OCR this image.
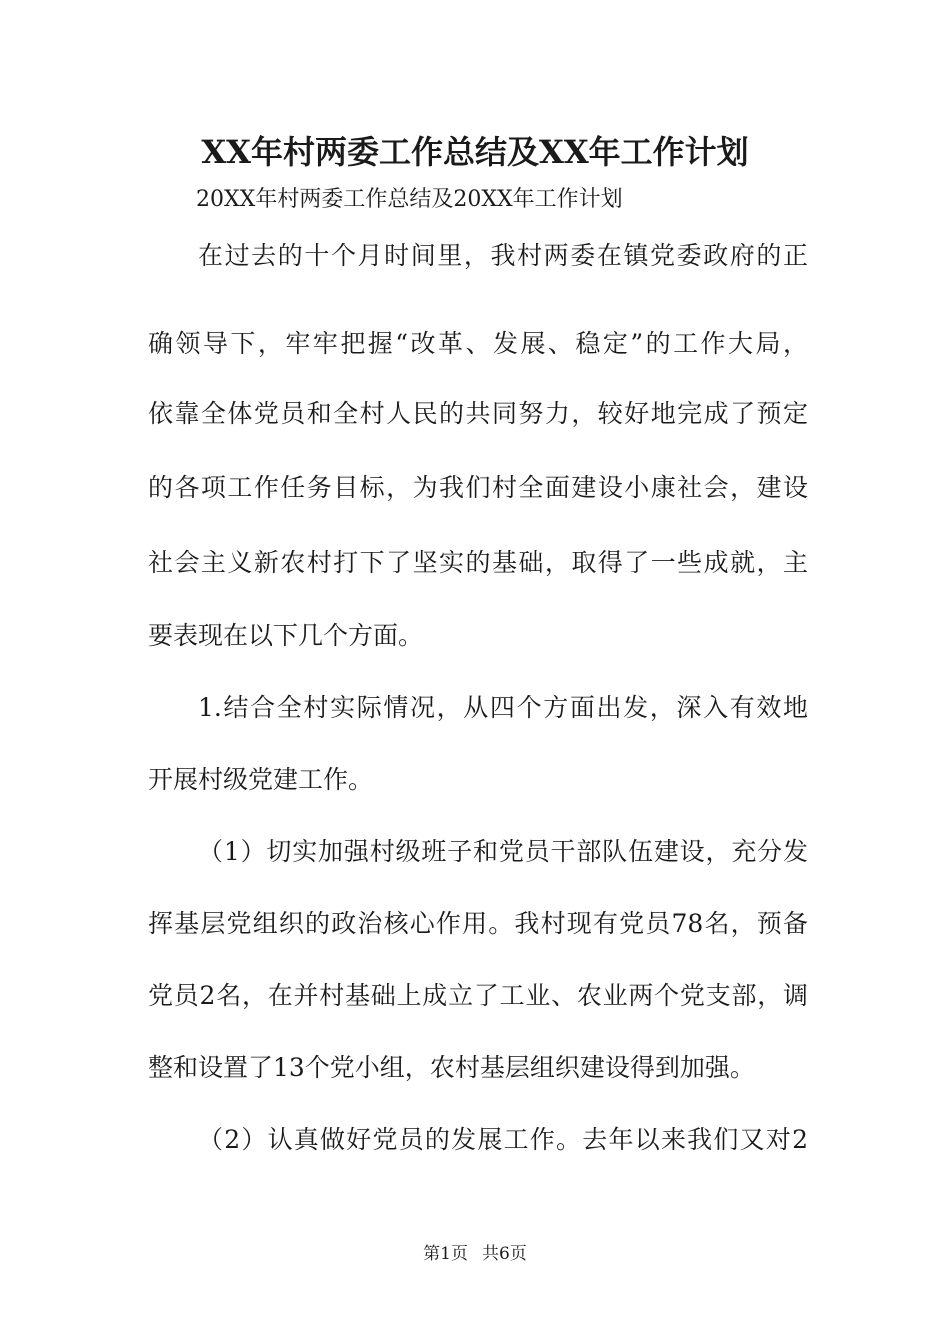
XX年村两委工作总结及XX年工作计划
20XX年村两委工作总结及20XX年工作计划
在过去的十个月时间里，我村两委在镇党委政府的正
确领导下，牢牢把握“改革、发展、稳定”的工作大局，
依靠全体党员和全村人民的共同努力，较好地完成了预定
的各项工作任务目标，为我们村全面建设小康社会，建设
社会主义新农村打下了坚实的基础，取得了一些成就，主
要表现在以下几个方面。
1.结合全村实际情况，从四个方面出发，深入有效地
开展村级党建工作。
（1）切实加强村级班子和党员干部队伍建设，充分发
挥基层党组织的政治核心作用。我村现有党员78名，预备
党员2名，在并村基础上成立了工业、农业两个党支部，调
整和设置了13个党小组，农村基层组织建设得到加强。
（2）认真做好党员的发展工作。去年以来我们又对2
第1页 共6页
